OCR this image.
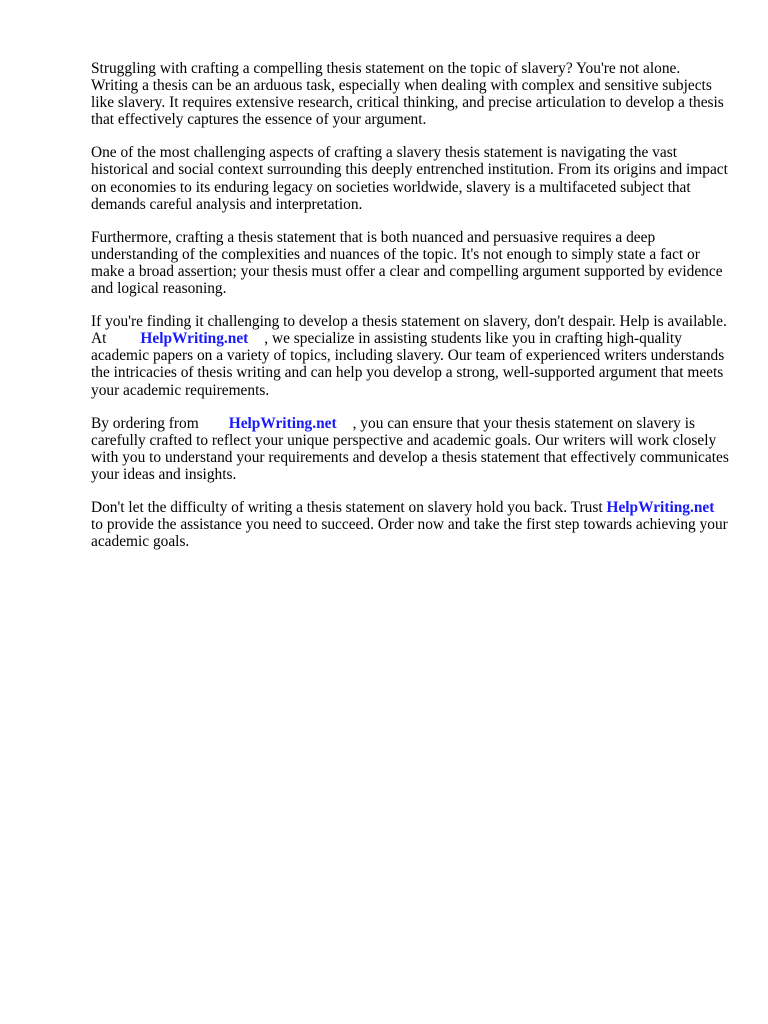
Struggling with crafting a compelling thesis statement on the topic of slavery? You're not alone. Writing a thesis can be an arduous task, especially when dealing with complex and sensitive subjects like slavery. It requires extensive research, critical thinking, and precise articulation to develop a thesis that effectively captures the essence of your argument.

One of the most challenging aspects of crafting a slavery thesis statement is navigating the vast historical and social context surrounding this deeply entrenched institution. From its origins and impact on economies to its enduring legacy on societies worldwide, slavery is a multifaceted subject that demands careful analysis and interpretation.

Furthermore, crafting a thesis statement that is both nuanced and persuasive requires a deep understanding of the complexities and nuances of the topic. It's not enough to simply state a fact or make a broad assertion; your thesis must offer a clear and compelling argument supported by evidence and logical reasoning.

If you're finding it challenging to develop a thesis statement on slavery, don't despair. Help is available. At HelpWriting.net , we specialize in assisting students like you in crafting high-quality academic papers on a variety of topics, including slavery. Our team of experienced writers understands the intricacies of thesis writing and can help you develop a strong, well-supported argument that meets your academic requirements.

By ordering from HelpWriting.net , you can ensure that your thesis statement on slavery is carefully crafted to reflect your unique perspective and academic goals. Our writers will work closely with you to understand your requirements and develop a thesis statement that effectively communicates your ideas and insights.

Don't let the difficulty of writing a thesis statement on slavery hold you back. Trust HelpWriting.netto provide the assistance you need to succeed. Order now and take the first step towards achieving your academic goals.
